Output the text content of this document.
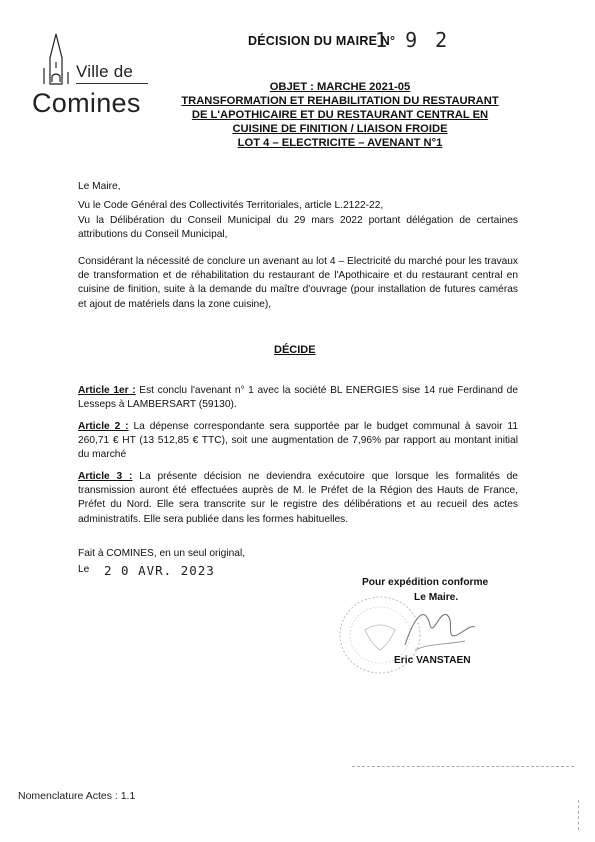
Ville de
Comines
DÉCISION DU MAIRE N°
1 9 2
OBJET : MARCHE 2021-05
TRANSFORMATION ET REHABILITATION DU RESTAURANT
DE L'APOTHICAIRE ET DU RESTAURANT CENTRAL EN
CUISINE DE FINITION / LIAISON FROIDE
LOT 4 – ELECTRICITE – AVENANT N°1
Le Maire,
Vu le Code Général des Collectivités Territoriales, article L.2122-22,
Vu la Délibération du Conseil Municipal du 29 mars 2022 portant délégation de certaines attributions du Conseil Municipal,
Considérant la nécessité de conclure un avenant au lot 4 – Electricité du marché pour les travaux de transformation et de réhabilitation du restaurant de l'Apothicaire et du restaurant central en cuisine de finition, suite à la demande du maître d'ouvrage (pour installation de futures caméras et ajout de matériels dans la zone cuisine),
DÉCIDE
Article 1er : Est conclu l'avenant n° 1 avec la société BL ENERGIES sise 14 rue Ferdinand de Lesseps à LAMBERSART (59130).
Article 2 : La dépense correspondante sera supportée par le budget communal à savoir 11 260,71 € HT (13 512,85 € TTC), soit une augmentation de 7,96% par rapport au montant initial du marché
Article 3 : La présente décision ne deviendra exécutoire que lorsque les formalités de transmission auront été effectuées auprès de M. le Préfet de la Région des Hauts de France, Préfet du Nord. Elle sera transcrite sur le registre des délibérations et au recueil des actes administratifs. Elle sera publiée dans les formes habituelles.
Fait à COMINES, en un seul original,
Le 2 0 AVR. 2023
Pour expédition conforme
Le Maire.
Eric VANSTAEN
Nomenclature Actes : 1.1
